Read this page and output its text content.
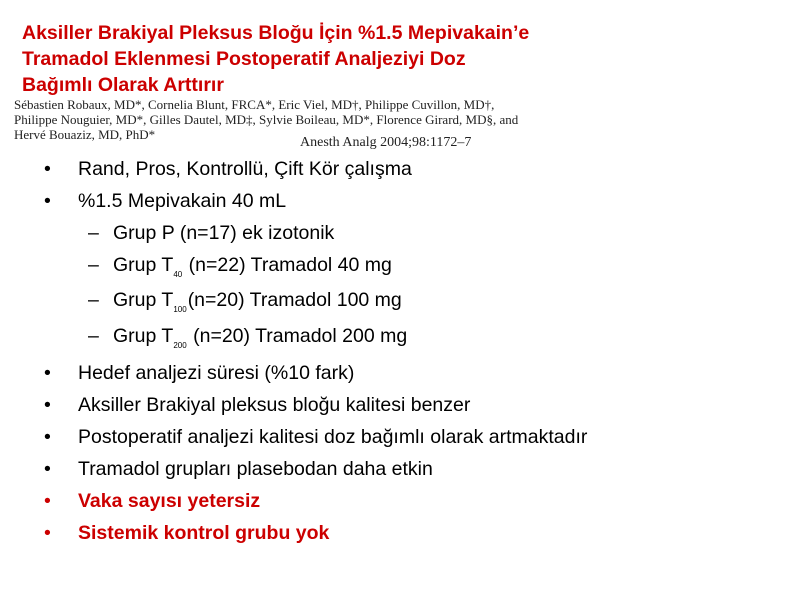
Aksiller Brakiyal Pleksus Bloğu İçin %1.5 Mepivakain’e
Tramadol Eklenmesi Postoperatif Analjeziyi Doz
Bağımlı Olarak Arttırır
Sébastien Robaux, MD*, Cornelia Blunt, FRCA*, Eric Viel, MD†, Philippe Cuvillon, MD†,
Philippe Nouguier, MD*, Gilles Dautel, MD‡, Sylvie Boileau, MD*, Florence Girard, MD§, and
Hervé Bouaziz, MD, PhD*
Anesth Analg 2004;98:1172–7
•	Rand, Pros, Kontrollü, Çift Kör çalışma
•	%1.5 Mepivakain 40 mL
– Grup P (n=17) ek izotonik
– Grup $T_{40}$ (n=22) Tramadol 40 mg
– Grup $T_{100}(n=20)$ Tramadol 100 mg
– Grup $T_{200}$ (n=20) Tramadol 200 mg
•	Hedef analjezi süresi (%10 fark)
•	Aksiller Brakiyal pleksus bloğu kalitesi benzer
•	Postoperatif analjezi kalitesi doz bağımlı olarak artmaktadır
•	Tramadol grupları plasebodan daha etkin
•	Vaka sayısı yetersiz
•	Sistemik kontrol grubu yok
